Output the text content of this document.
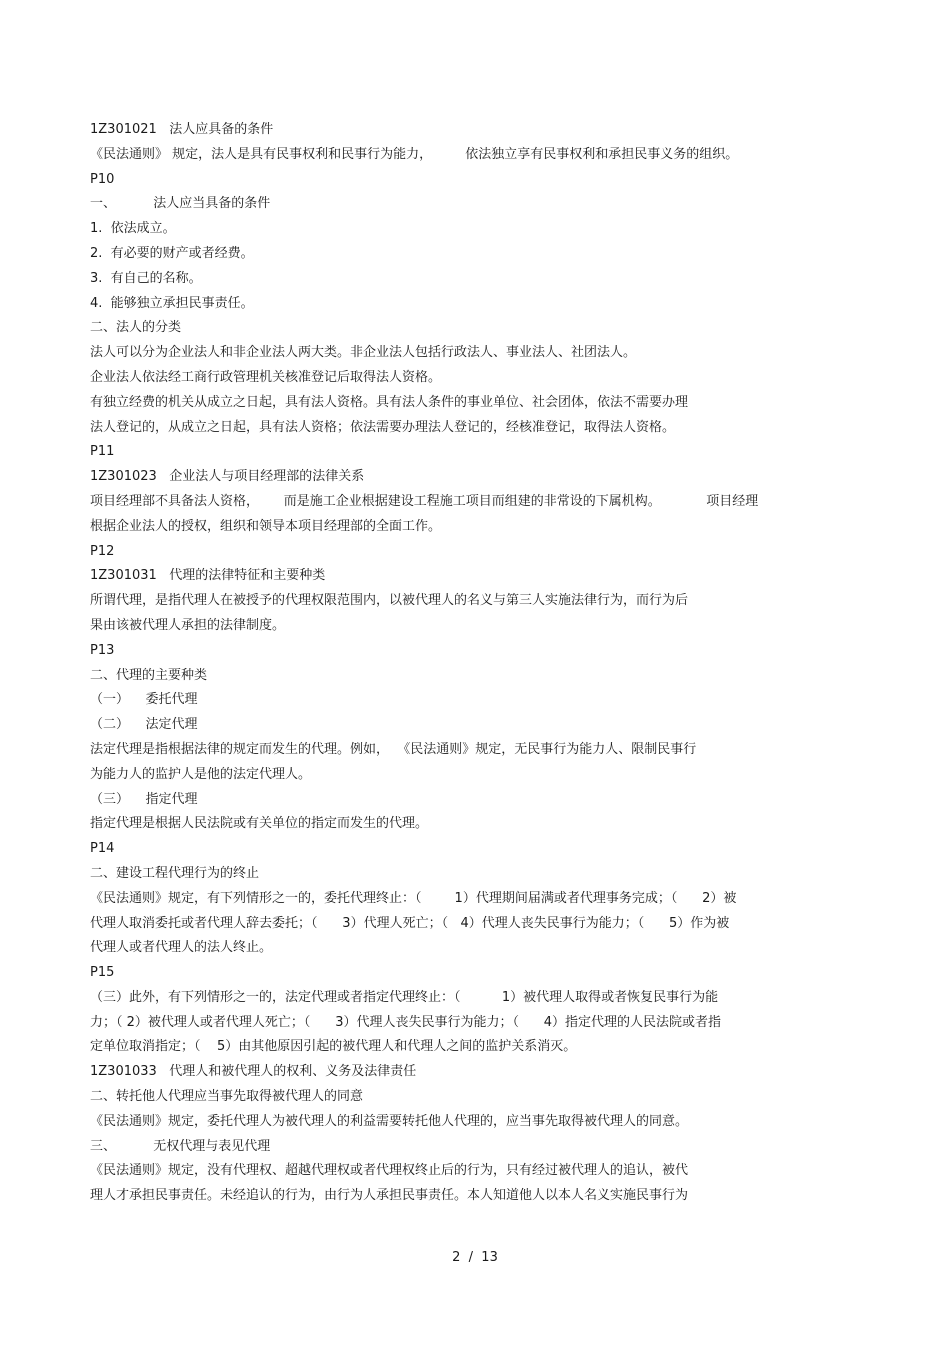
1Z301021   法人应具备的条件
《民法通则》 规定，法人是具有民事权利和民事行为能力，        依法独立享有民事权利和承担民事义务的组织。
P10
一、         法人应当具备的条件
1.  依法成立。
2.  有必要的财产或者经费。
3.  有自己的名称。
4.  能够独立承担民事责任。
二、法人的分类
法人可以分为企业法人和非企业法人两大类。非企业法人包括行政法人、事业法人、社团法人。
企业法人依法经工商行政管理机关核准登记后取得法人资格。
有独立经费的机关从成立之日起，具有法人资格。具有法人条件的事业单位、社会团体，依法不需要办理
法人登记的，从成立之日起，具有法人资格；依法需要办理法人登记的，经核准登记，取得法人资格。
P11
1Z301023   企业法人与项目经理部的法律关系
项目经理部不具备法人资格，      而是施工企业根据建设工程施工项目而组建的非常设的下属机构。           项目经理
根据企业法人的授权，组织和领导本项目经理部的全面工作。
P12
1Z301031   代理的法律特征和主要种类
所谓代理，是指代理人在被授予的代理权限范围内，以被代理人的名义与第三人实施法律行为，而行为后
果由该被代理人承担的法律制度。
P13
二、代理的主要种类
（一）    委托代理
（二）    法定代理
法定代理是指根据法律的规定而发生的代理。例如，  《民法通则》规定，无民事行为能力人、限制民事行
为能力人的监护人是他的法定代理人。
（三）    指定代理
指定代理是根据人民法院或有关单位的指定而发生的代理。
P14
二、建设工程代理行为的终止
《民法通则》规定，有下列情形之一的，委托代理终止：（        1）代理期间届满或者代理事务完成；（      2）被
代理人取消委托或者代理人辞去委托；（      3）代理人死亡；（   4）代理人丧失民事行为能力；（      5）作为被
代理人或者代理人的法人终止。
P15
（三）此外，有下列情形之一的，法定代理或者指定代理终止：（          1）被代理人取得或者恢复民事行为能
力；（ 2）被代理人或者代理人死亡；（      3）代理人丧失民事行为能力；（      4）指定代理的人民法院或者指
定单位取消指定；（    5）由其他原因引起的被代理人和代理人之间的监护关系消灭。
1Z301033   代理人和被代理人的权利、义务及法律责任
二、转托他人代理应当事先取得被代理人的同意
《民法通则》规定，委托代理人为被代理人的利益需要转托他人代理的，应当事先取得被代理人的同意。
三、         无权代理与表见代理
《民法通则》规定，没有代理权、超越代理权或者代理权终止后的行为，只有经过被代理人的追认，被代
理人才承担民事责任。未经追认的行为，由行为人承担民事责任。本人知道他人以本人名义实施民事行为
2  /  13
